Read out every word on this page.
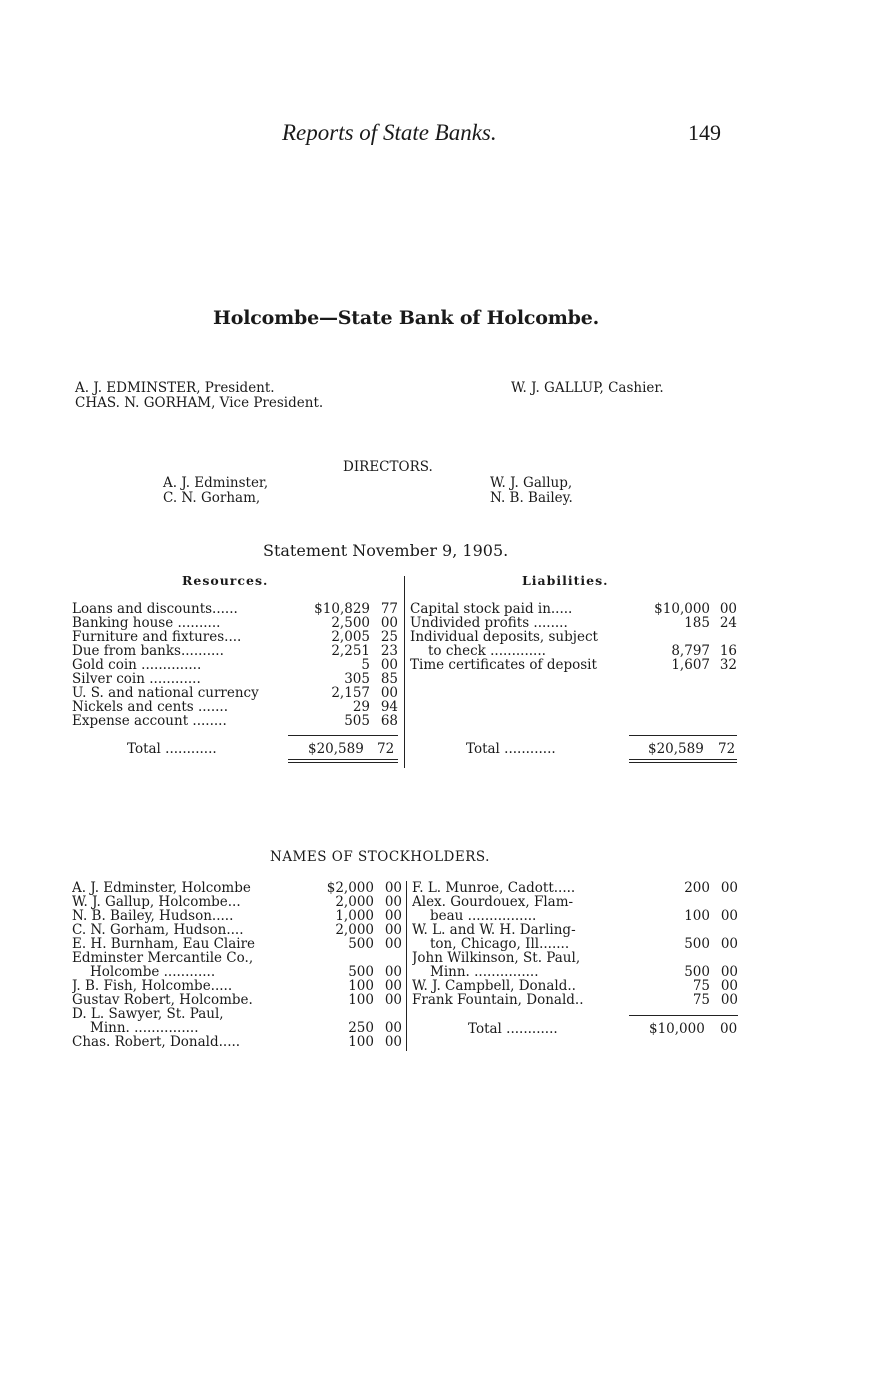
Reports of State Banks.	149
Holcombe—State Bank of Holcombe.
A. J. EDMINSTER, President.
CHAS. N. GORHAM, Vice President.
W. J. GALLUP, Cashier.
DIRECTORS.
A. J. Edminster,
C. N. Gorham,
W. J. Gallup,
N. B. Bailey.
Statement November 9, 1905.
Resources.	Liabilities.
Loans and discounts......	$10,829	77
Banking house ..........	2,500	00
Furniture and fixtures....	2,005	25
Due from banks..........	2,251	23
Gold coin ..............	5	00
Silver coin ............	305	85
U. S. and national currency	2,157	00
Nickels and cents .......	29	94
Expense account ........	505	68
Capital stock paid in.....	$10,000	00
Undivided profits ........	185	24
Individual deposits, subject		
to check .............	8,797	16
Time certificates of deposit	1,607	32
Total ............	$20,589 72	Total ............	$20,589 72
NAMES OF STOCKHOLDERS.
A. J. Edminster, Holcombe	$2,000	00
W. J. Gallup, Holcombe...	2,000	00
N. B. Bailey, Hudson.....	1,000	00
C. N. Gorham, Hudson....	2,000	00
E. H. Burnham, Eau Claire	500	00
Edminster Mercantile Co.,		
Holcombe ............	500	00
J. B. Fish, Holcombe.....	100	00
Gustav Robert, Holcombe.	100	00
D. L. Sawyer, St. Paul,		
Minn. ...............	250	00
Chas. Robert, Donald.....	100	00
F. L. Munroe, Cadott.....	200	00
Alex. Gourdouex, Flam-		
beau ................	100	00
W. L. and W. H. Darling-		
ton, Chicago, Ill.......	500	00
John Wilkinson, St. Paul,		
Minn. ...............	500	00
W. J. Campbell, Donald..	75	00
Frank Fountain, Donald..	75	00
Total ............	$10,000 00
